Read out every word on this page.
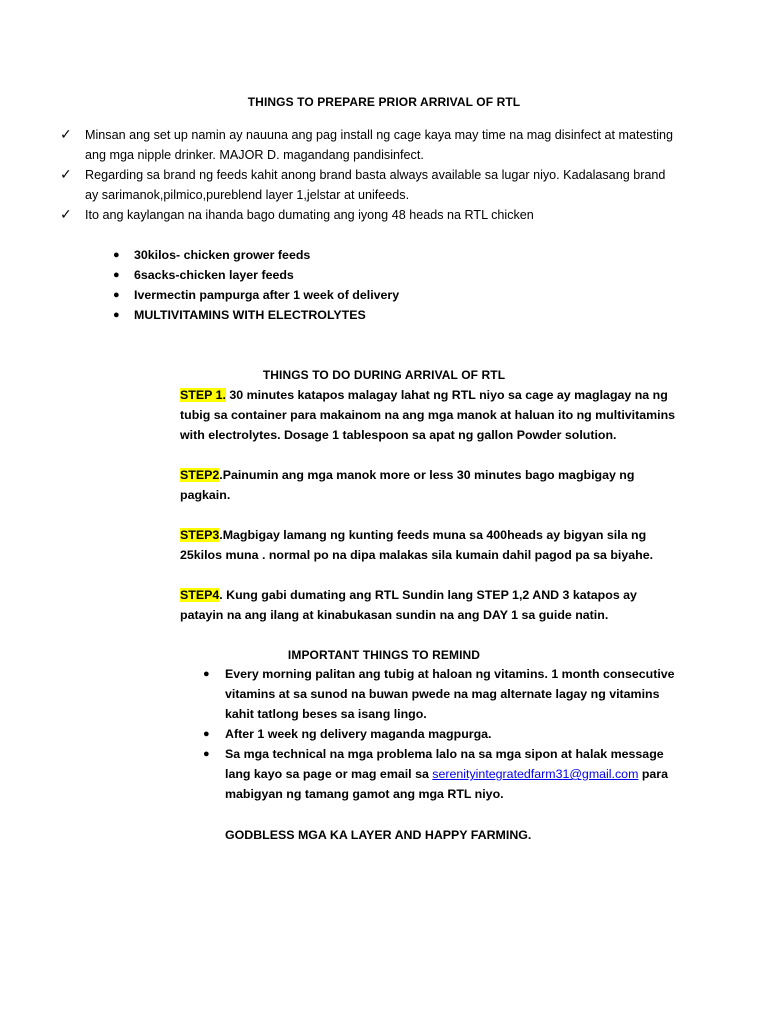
THINGS TO PREPARE PRIOR ARRIVAL OF RTL
✓ Minsan ang set up namin ay nauuna ang pag install ng cage kaya may time na mag disinfect at matesting ang mga nipple drinker. MAJOR D. magandang pandisinfect.
✓ Regarding sa brand ng feeds kahit anong brand basta always available sa lugar niyo. Kadalasang brand ay sarimanok,pilmico,pureblend layer 1,jelstar at unifeeds.
✓ Ito ang kaylangan na ihanda bago dumating ang iyong 48 heads na RTL chicken
● 30kilos- chicken grower feeds
● 6sacks-chicken layer feeds
● Ivermectin pampurga after 1 week of delivery
● MULTIVITAMINS WITH ELECTROLYTES
THINGS TO DO DURING ARRIVAL OF RTL

STEP 1. 30 minutes katapos malagay lahat ng RTL niyo sa cage ay maglagay na ng tubig sa container para makainom na ang mga manok at haluan ito ng multivitamins with electrolytes. Dosage 1 tablespoon sa apat ng gallon Powder solution.

STEP2.Painumin ang mga manok more or less 30 minutes bago magbigay ng pagkain.

STEP3.Magbigay lamang ng kunting feeds muna sa 400heads ay bigyan sila ng 25kilos muna . normal po na dipa malakas sila kumain dahil pagod pa sa biyahe.

STEP4. Kung gabi dumating ang RTL Sundin lang STEP 1,2 AND 3 katapos ay patayin na ang ilang at kinabukasan sundin na ang DAY 1 sa guide natin.

IMPORTANT THINGS TO REMIND
● Every morning palitan ang tubig at haloan ng vitamins. 1 month consecutive vitamins at sa sunod na buwan pwede na mag alternate lagay ng vitamins kahit tatlong beses sa isang lingo.
● After 1 week ng delivery maganda magpurga.
● Sa mga technical na mga problema lalo na sa mga sipon at halak message lang kayo sa page or mag email sa serenityintegratedfarm31@gmail.com para mabigyan ng tamang gamot ang mga RTL niyo.
GODBLESS MGA KA LAYER AND HAPPY FARMING.
